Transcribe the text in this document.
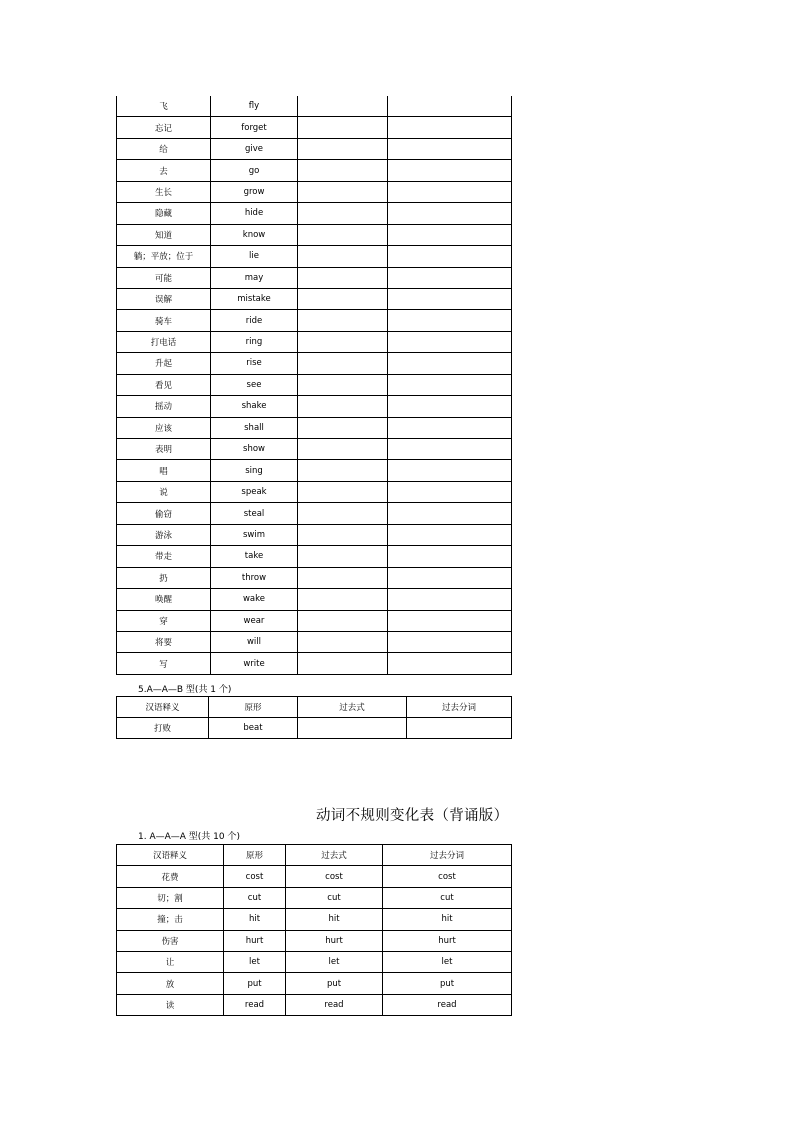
飞	fly		
忘记	forget		
给	give		
去	go		
生长	grow		
隐藏	hide		
知道	know		
躺；平放；位于	lie		
可能	may		
误解	mistake		
骑车	ride		
打电话	ring		
升起	rise		
看见	see		
摇动	shake		
应该	shall		
表明	show		
唱	sing		
说	speak		
偷窃	steal		
游泳	swim		
带走	take		
扔	throw		
唤醒	wake		
穿	wear		
将要	will		
写	write		
5.A—A—B 型(共 1 个)
汉语释义	原形	过去式	过去分词
打败	beat		
动词不规则变化表（背诵版）
1. A—A—A 型(共 10 个)
汉语释义	原形	过去式	过去分词
花费	cost	cost	cost
切；割	cut	cut	cut
撞；击	hit	hit	hit
伤害	hurt	hurt	hurt
让	let	let	let
放	put	put	put
读	read	read	read
